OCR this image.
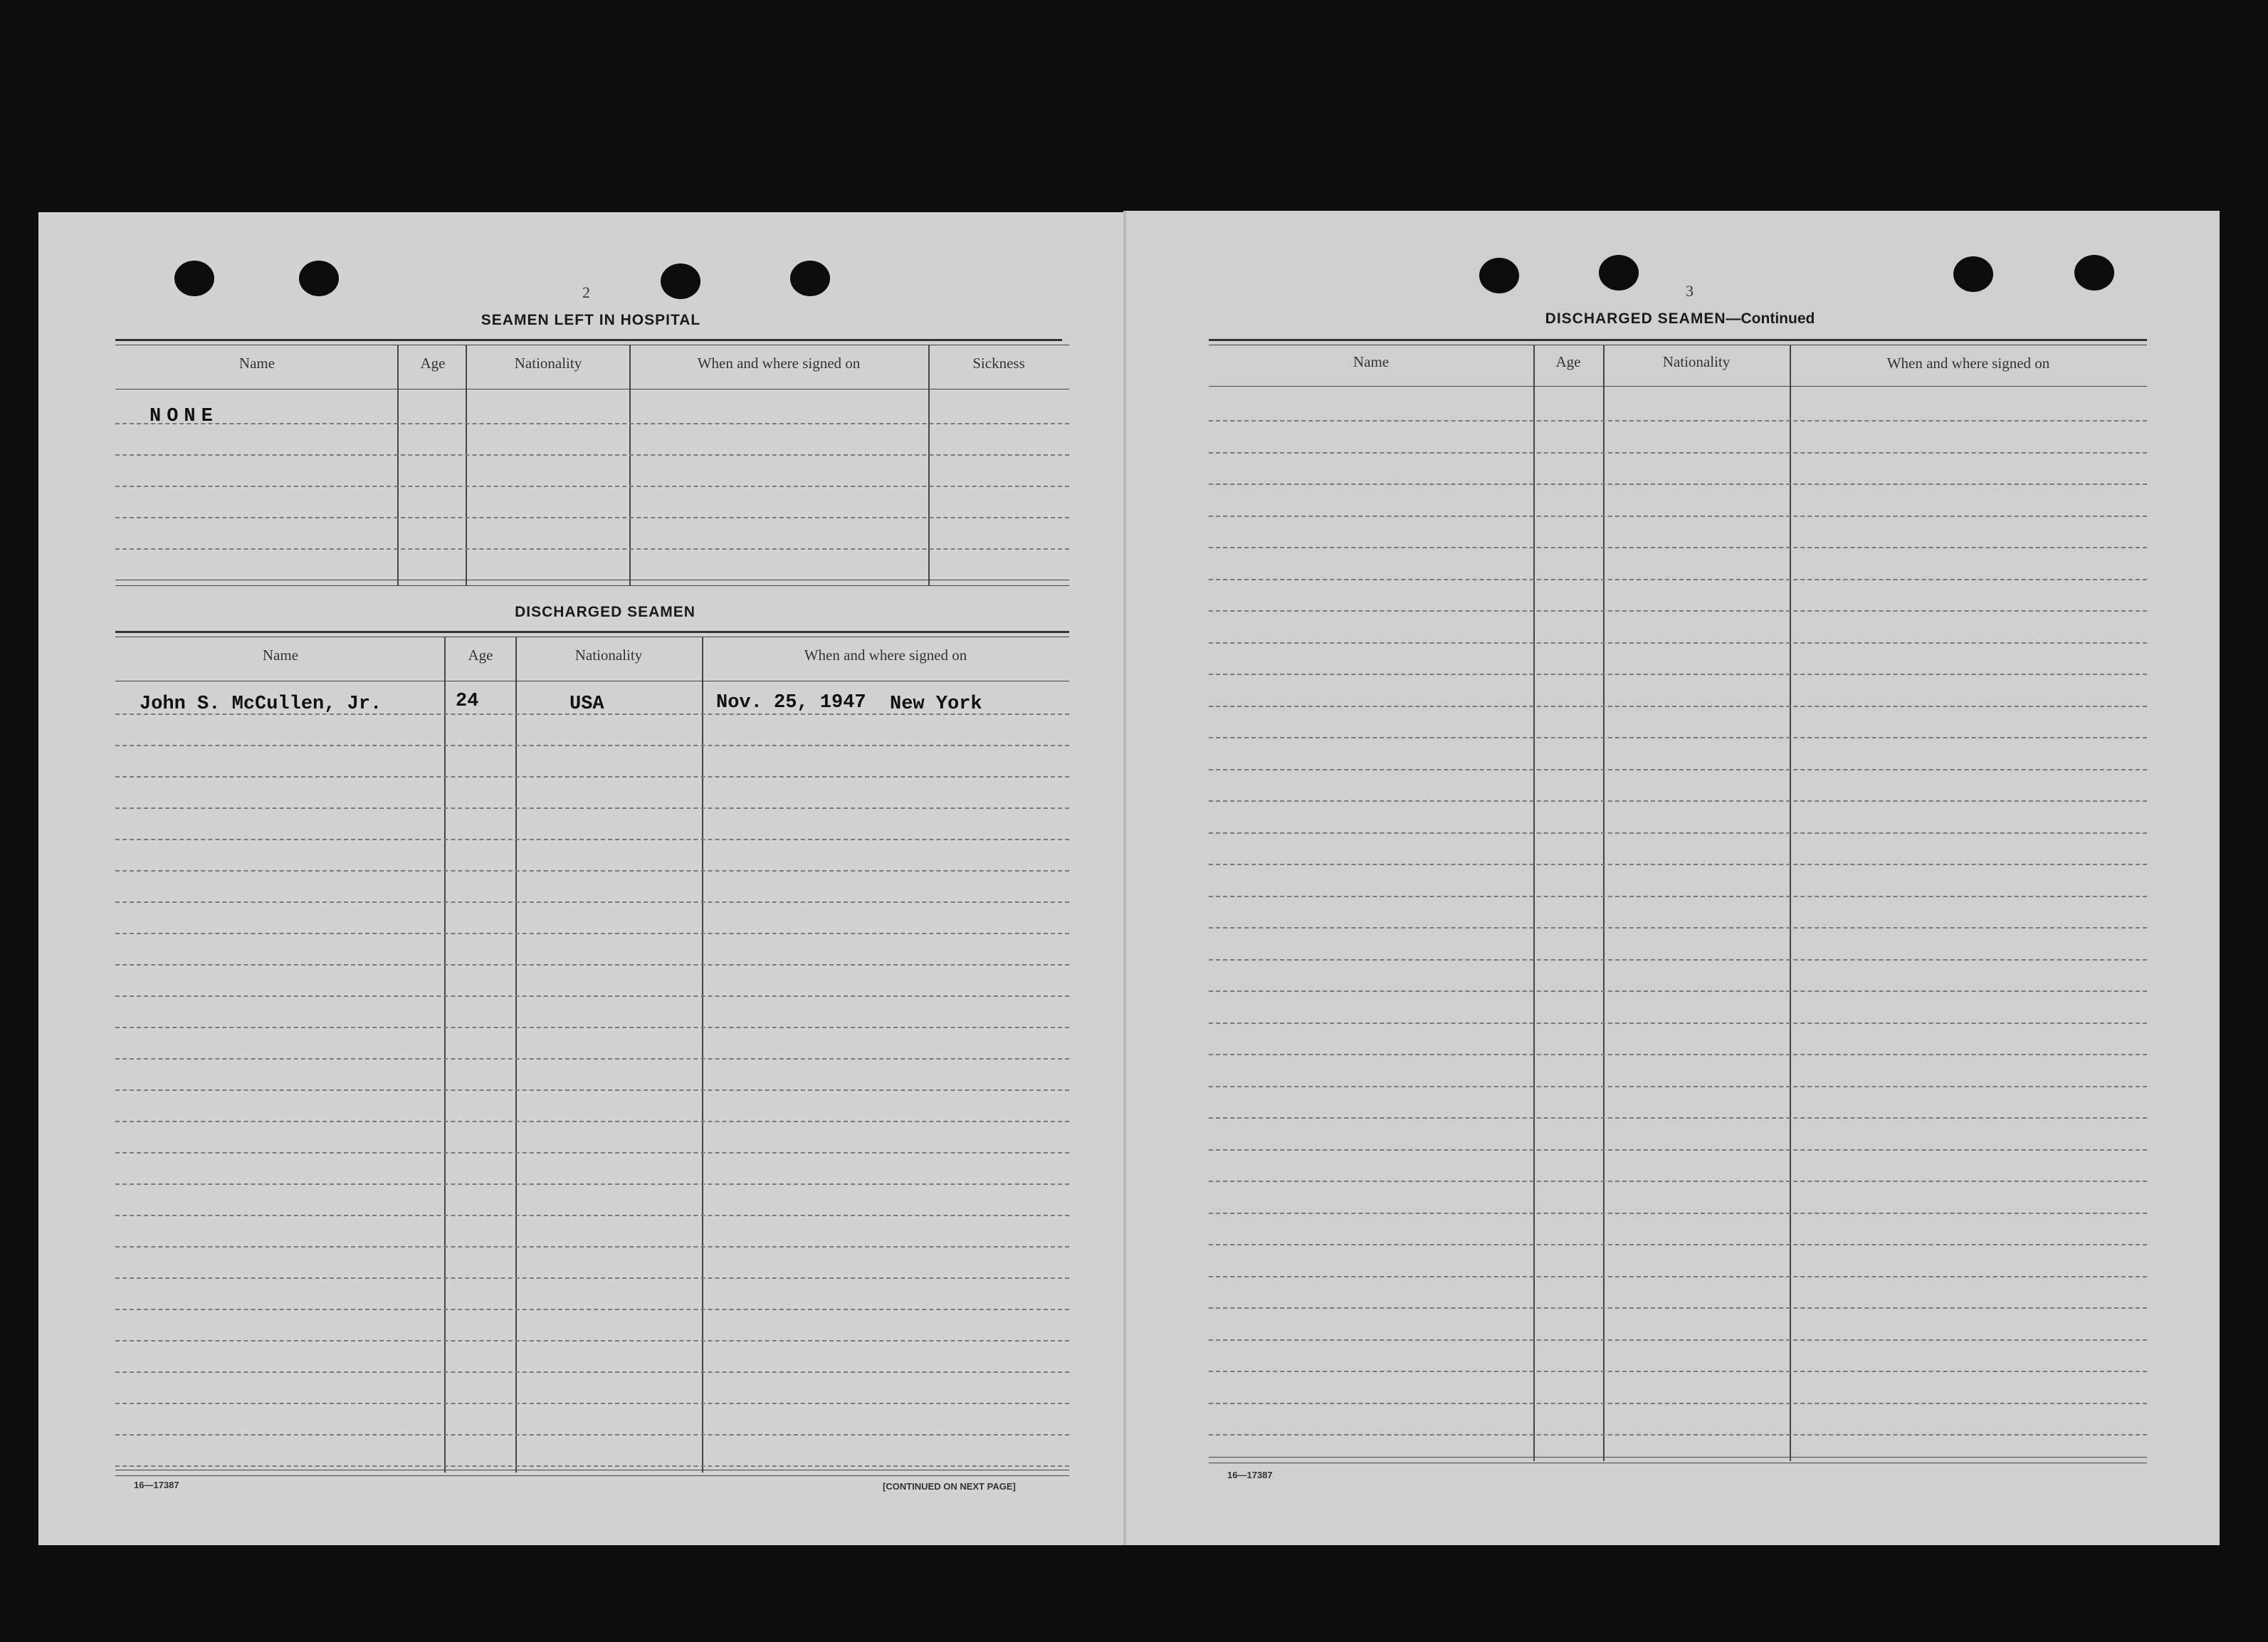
2
SEAMEN LEFT IN HOSPITAL
Name	Age	Nationality	When and where signed on	Sickness
NONE
DISCHARGED SEAMEN
Name	Age	Nationality	When and where signed on
John S. McCullen, Jr.	24	USA	Nov. 25, 1947 New York
16—17387	[CONTINUED ON NEXT PAGE]
3
DISCHARGED SEAMEN—Continued
Name	Age	Nationality	When and where signed on
16—17387
